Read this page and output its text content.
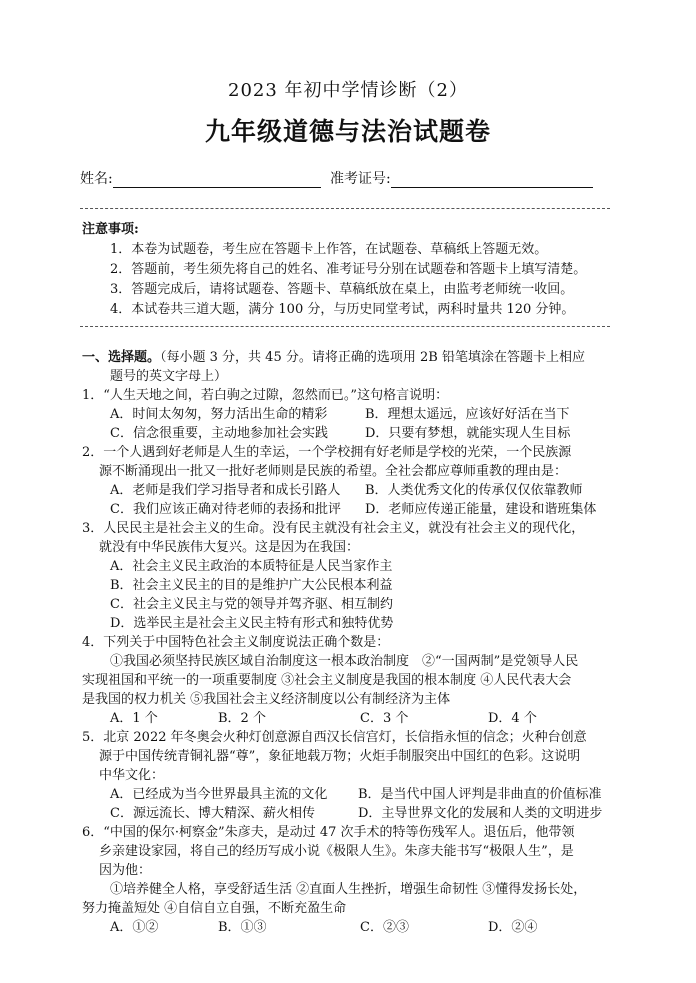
2023 年初中学情诊断（2）
九年级道德与法治试题卷
姓名:	准考证号:
注意事项:
1．本卷为试题卷，考生应在答题卡上作答，在试题卷、草稿纸上答题无效。
2．答题前，考生须先将自己的姓名、准考证号分别在试题卷和答题卡上填写清楚。
3．答题完成后，请将试题卷、答题卡、草稿纸放在桌上，由监考老师统一收回。
4．本试卷共三道大题，满分 100 分，与历史同堂考试，两科时量共 120 分钟。
一、选择题。（每小题 3 分，共 45 分。请将正确的选项用 2B 铅笔填涂在答题卡上相应
题号的英文字母上）
1．“人生天地之间，若白驹之过隙，忽然而已。”这句格言说明：
A．时间太匆匆，努力活出生命的精彩	B．理想太遥远，应该好好活在当下
C．信念很重要，主动地参加社会实践	D．只要有梦想，就能实现人生目标
2．一个人遇到好老师是人生的幸运，一个学校拥有好老师是学校的光荣，一个民族源
源不断涌现出一批又一批好老师则是民族的希望。全社会都应尊师重教的理由是：
A．老师是我们学习指导者和成长引路人 B．人类优秀文化的传承仅仅依靠教师
C．我们应该正确对待老师的表扬和批评 D．老师应传递正能量，建设和谐班集体
3．人民民主是社会主义的生命。没有民主就没有社会主义，就没有社会主义的现代化，
就没有中华民族伟大复兴。这是因为在我国：
A．社会主义民主政治的本质特征是人民当家作主
B．社会主义民主的目的是维护广大公民根本利益
C．社会主义民主与党的领导并驾齐驱、相互制约
D．选举民主是社会主义民主特有形式和独特优势
4．下列关于中国特色社会主义制度说法正确个数是：
①我国必须坚持民族区域自治制度这一根本政治制度　②“一国两制”是党领导人民
实现祖国和平统一的一项重要制度 ③社会主义制度是我国的根本制度 ④人民代表大会
是我国的权力机关 ⑤我国社会主义经济制度以公有制经济为主体
A．1 个	B．2 个	C．3 个	D．4 个
5．北京 2022 年冬奥会火种灯创意源自西汉长信宫灯，长信指永恒的信念；火种台创意
源于中国传统青铜礼器“尊”，象征地载万物；火炬手制服突出中国红的色彩。这说明
中华文化：
A．已经成为当今世界最具主流的文化 B．是当代中国人评判是非曲直的价值标准
C．源远流长、博大精深、薪火相传	D．主导世界文化的发展和人类的文明进步
6．“中国的保尔·柯察金”朱彦夫，是动过 47 次手术的特等伤残军人。退伍后，他带领
乡亲建设家园，将自己的经历写成小说《极限人生》。朱彦夫能书写“极限人生”，是
因为他：
①培养健全人格，享受舒适生活 ②直面人生挫折，增强生命韧性 ③懂得发扬长处，
努力掩盖短处 ④自信自立自强，不断充盈生命
A．①②	B．①③	C．②③	D．②④
